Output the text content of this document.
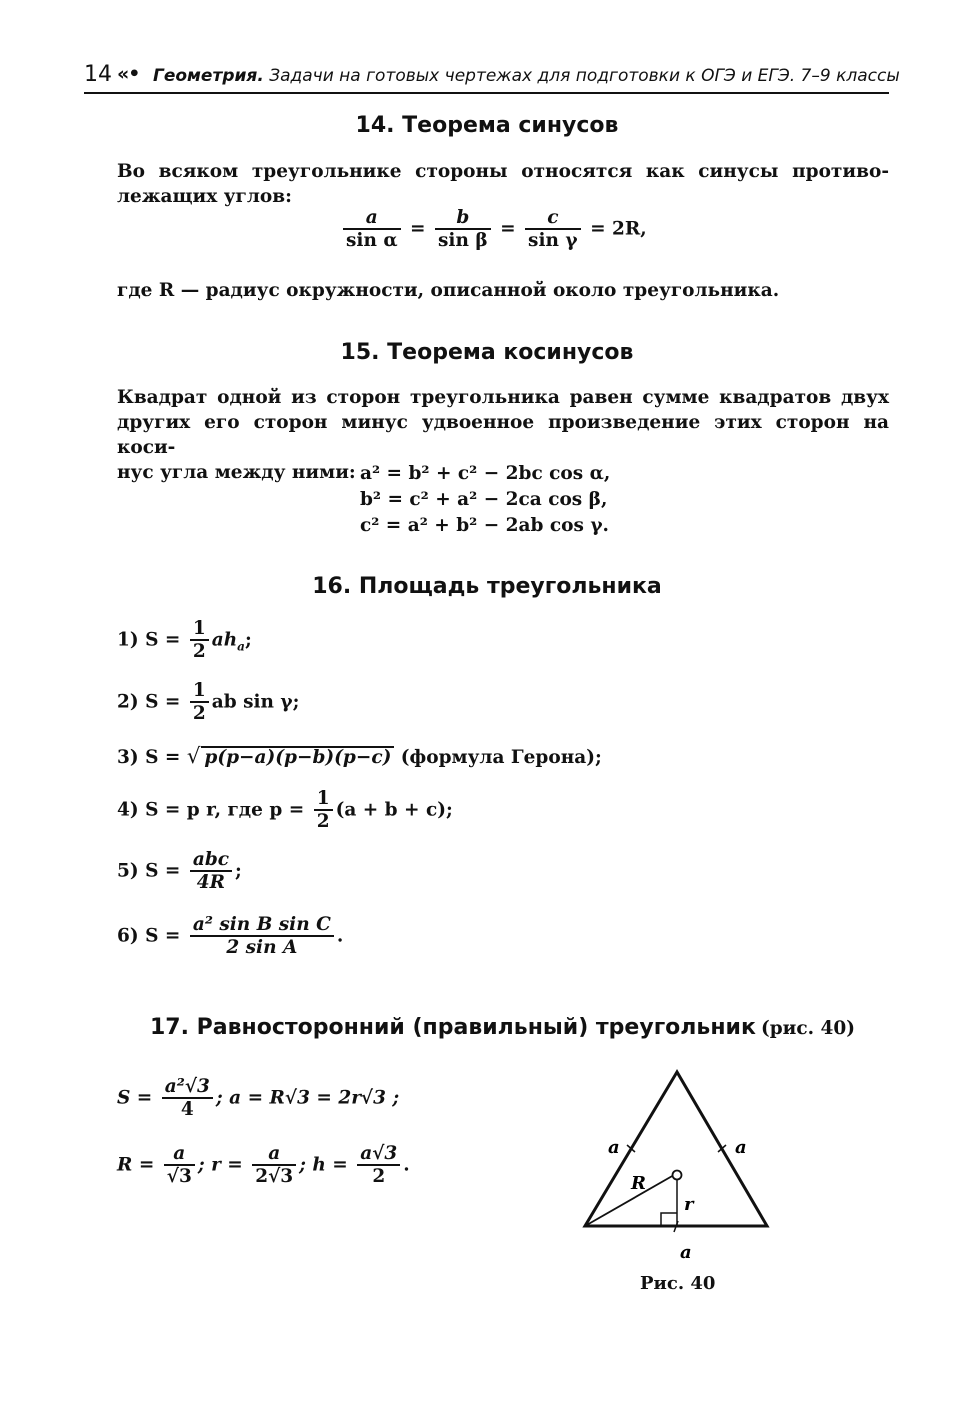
14 «• Геометрия. Задачи на готовых чертежах для подготовки к ОГЭ и ЕГЭ. 7–9 классы
14. Теорема синусов
Во всяком треугольнике стороны относятся как синусы противо-
лежащих углов:
$\frac{a}{\text{sin α}} = \frac{b}{\text{sin β}} = \frac{c}{\text{sin γ}} = 2R$,
где R — радиус окружности, описанной около треугольника.
15. Теорема косинусов
Квадрат одной из сторон треугольника равен сумме квадратов двух
других его сторон минус удвоенное произведение этих сторон на коси-
нус угла между ними: a² = b² + c² − 2bc cos α,
b² = c² + a² − 2ca cos β,
c² = a² + b² − 2ab cos γ.
16. Площадь треугольника
1) $S = \frac{1}{2} ah_a$;
2) $S = \frac{1}{2}$ ab sin γ;
3) S = √ p(p−a)(p−b)(p−c) (формула Герона);
4) S = p r, где $p = \frac{1}{2} (a + b + c)$;
5) $S = \frac{\text{abc}}{4R}$ ;
6) $S = \frac{\text{a² sin B sin C}}{\text{2 sin A}}$ .
17. Равносторонний (правильный) треугольник (рис. 40)
$S = \frac{\text{a²√3}}{4}$ ; a = R√3 = 2r√3 ;
$R = \frac{a}{√3}$ ; $r = \frac{a}{2√3}$ ; $h = \frac{a√3}{2}$ .
a	a
a
R
r
Рис. 40
